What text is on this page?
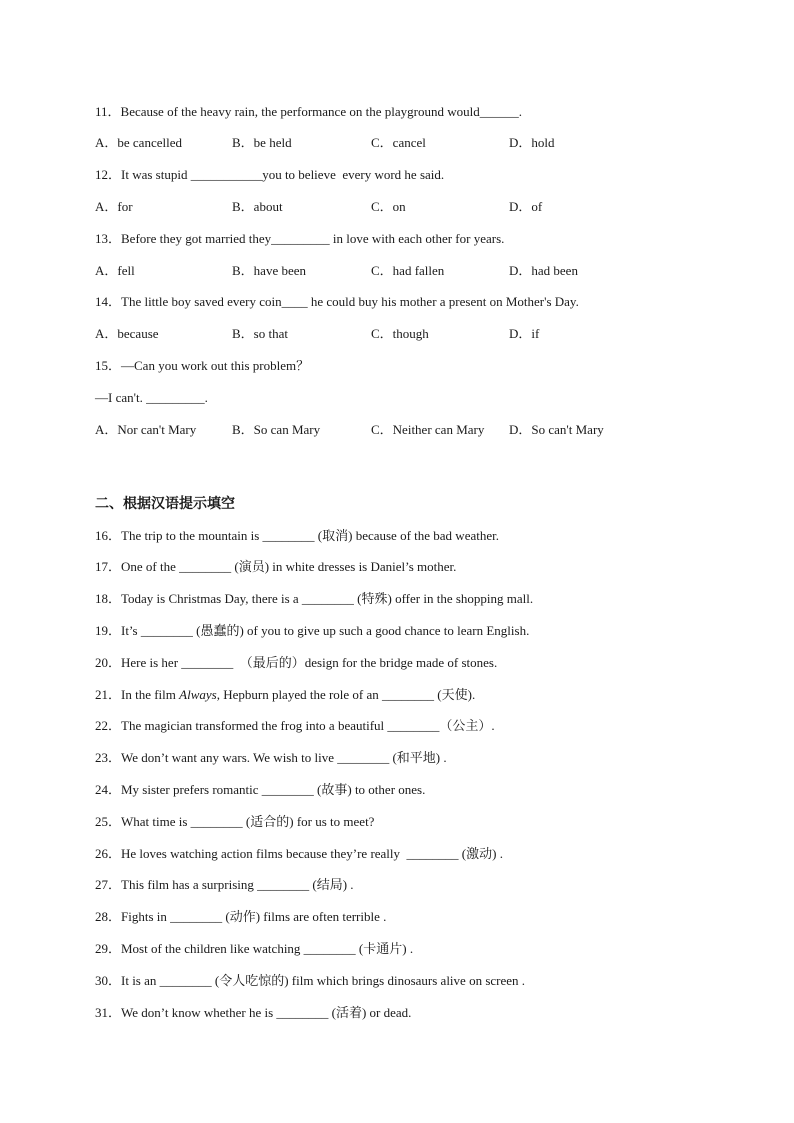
11．Because of the heavy rain, the performance on the playground would______.
A．be cancelled	B．be held	C．cancel	D．hold
12．It was stupid ___________you to believe  every word he said.
A．for	B．about	C．on	D．of
13．Before they got married they_________ in love with each other for years.
A．fell	B．have been	C．had fallen	D．had been
14．The little boy saved every coin____ he could buy his mother a present on Mother's Day.
A．because	B．so that	C．though	D．if
15．—Can you work out this problem？
—I can't. _________.
A．Nor can't Mary	B．So can Mary	C．Neither can Mary D．So can't Mary
二、根据汉语提示填空
16．The trip to the mountain is ________ (取消) because of the bad weather.
17．One of the ________ (演员) in white dresses is Daniel’s mother.
18．Today is Christmas Day, there is a ________ (特殊) offer in the shopping mall.
19．It’s ________ (愚蠢的) of you to give up such a good chance to learn English.
20．Here is her ________  （最后的）design for the bridge made of stones.
21．In the film Always, Hepburn played the role of an ________ (天使).
22．The magician transformed the frog into a beautiful ________（公主）.
23．We don’t want any wars. We wish to live ________ (和平地) .
24．My sister prefers romantic ________ (故事) to other ones.
25．What time is ________ (适合的) for us to meet?
26．He loves watching action films because they’re really  ________ (激动) .
27．This film has a surprising ________ (结局) .
28．Fights in ________ (动作) films are often terrible .
29．Most of the children like watching ________ (卡通片) .
30．It is an ________ (令人吃惊的) film which brings dinosaurs alive on screen .
31．We don’t know whether he is ________ (活着) or dead.
